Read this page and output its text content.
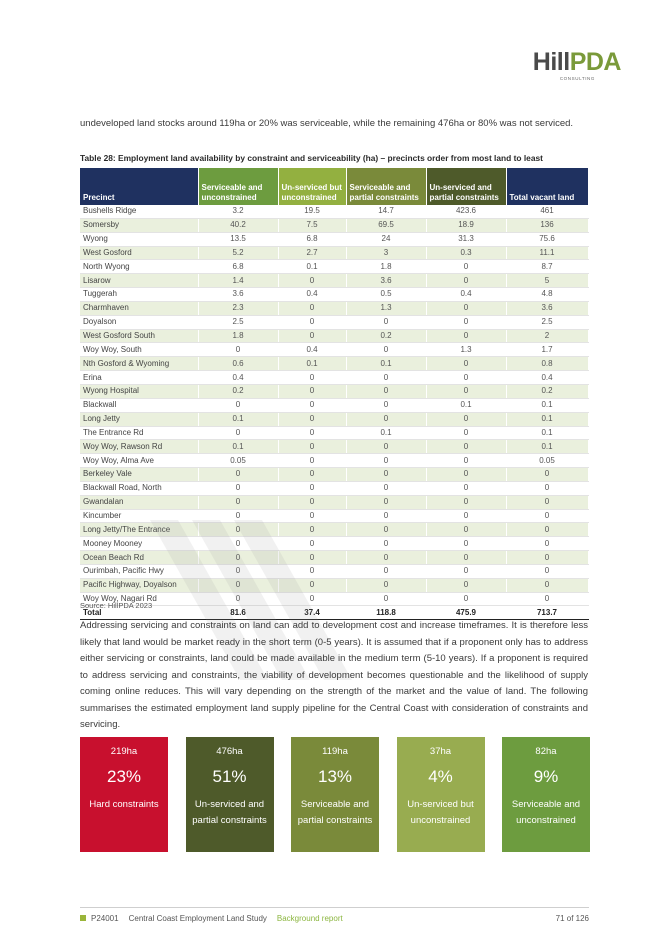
HillPDA
CONSULTING

undeveloped land stocks around 119ha or 20% was serviceable, while the remaining 476ha or 80% was not serviced.

Table 28: Employment land availability by constraint and serviceability (ha) – precincts order from most land to least
Precinct	Serviceable and unconstrained	Un-serviced but unconstrained	Serviceable and partial constraints	Un-serviced and partial constraints	Total vacant land
Bushells Ridge	3.2	19.5	14.7	423.6	461
Somersby	40.2	7.5	69.5	18.9	136
Wyong	13.5	6.8	24	31.3	75.6
West Gosford	5.2	2.7	3	0.3	11.1
North Wyong	6.8	0.1	1.8	0	8.7
Lisarow	1.4	0	3.6	0	5
Tuggerah	3.6	0.4	0.5	0.4	4.8
Charmhaven	2.3	0	1.3	0	3.6
Doyalson	2.5	0	0	0	2.5
West Gosford South	1.8	0	0.2	0	2
Woy Woy, South	0	0.4	0	1.3	1.7
Nth Gosford & Wyoming	0.6	0.1	0.1	0	0.8
Erina	0.4	0	0	0	0.4
Wyong Hospital	0.2	0	0	0	0.2
Blackwall	0	0	0	0.1	0.1
Long Jetty	0.1	0	0	0	0.1
The Entrance Rd	0	0	0.1	0	0.1
Woy Woy, Rawson Rd	0.1	0	0	0	0.1
Woy Woy, Alma Ave	0.05	0	0	0	0.05
Berkeley Vale	0	0	0	0	0
Blackwall Road, North	0	0	0	0	0
Gwandalan	0	0	0	0	0
Kincumber	0	0	0	0	0
Long Jetty/The Entrance	0	0	0	0	0
Mooney Mooney	0	0	0	0	0
Ocean Beach Rd	0	0	0	0	0
Ourimbah, Pacific Hwy	0	0	0	0	0
Pacific Highway, Doyalson	0	0	0	0	0
Woy Woy, Nagari Rd	0	0	0	0	0
Total	81.6	37.4	118.8	475.9	713.7
Source: HillPDA 2023

Addressing servicing and constraints on land can add to development cost and increase timeframes. It is therefore less likely that land would be market ready in the short term (0-5 years). It is assumed that if a proponent only has to address either servicing or constraints, land could be made available in the medium term (5-10 years). If a proponent is required to address servicing and constraints, the viability of development becomes questionable and the likelihood of supply coming online reduces. This will vary depending on the strength of the market and the value of land. The following summarises the estimated employment land supply pipeline for the Central Coast with consideration of constraints and servicing.

219ha
23%
Hard constraints
476ha
51%
Un-serviced and partial constraints
119ha
13%
Serviceable and partial constraints
37ha
4%
Un-serviced but unconstrained
82ha
9%
Serviceable and unconstrained
P24001 Central Coast Employment Land Study Background report	71 of 126
